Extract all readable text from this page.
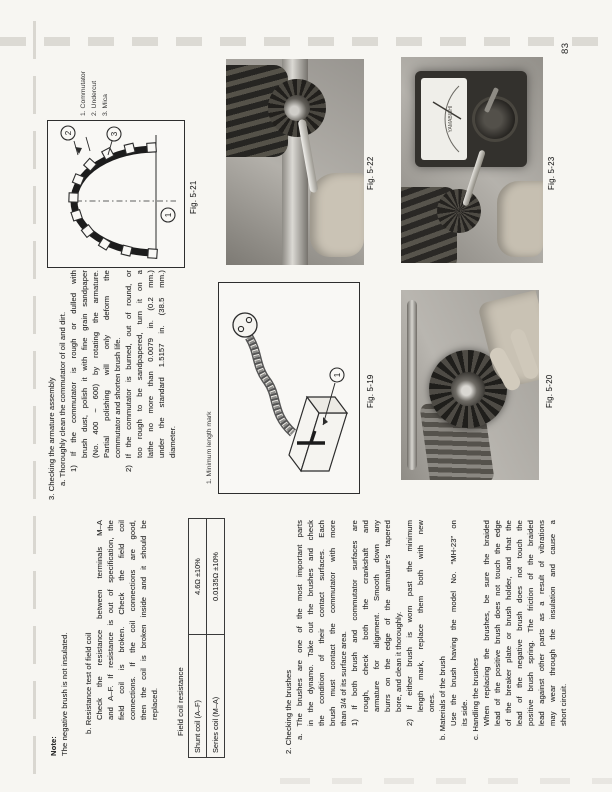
Note: The negative brush is not insulated. b. Resistance test of field coil Check the resistance between terminals M–A and A–F. If resistance is out of specification, the field coil is broken. Check the field coil connections. If the coil connections are good, then the coil is broken inside and it should be replaced. Field coil resistance Shunt coil (A–F)	4.6Ω ±10%
Series coil (M–A)	0.0135Ω ±10%
2. Checking the brushes a. The brushes are one of the most important parts in the dynamo. Take out the brushes and check the condition of their contact surfaces. Each brush must contact the commutator with more than 3/4 of its surface area. 1) If both brush and commutator surfaces are rough, check both the crankshaft and armature for alignment. Smooth down any burrs on the edge of the armature's tapered bore, and clean it thoroughly. 2) If either brush is worn past the minimum length mark, replace them both with new ones. b. Materials of the brush Use the brush having the model No. “MH-23” on its side. c. Handling the brushes When replacing the brushes, be sure the braided lead of the positive brush does not touch the edge of the breaker plate or brush holder, and that the lead of the negative brush does not touch the positive brush spring. The friction of the braided lead against other parts as a result of vibrations may wear through the insulation and cause a short circuit.
3. Checking the armature assembly a. Thoroughly clean the commutator of oil and dirt. 1) If the commutator is rough or dulled with brush dust, polish it with fine grain sandpaper (No. 400 ~ 600) by rotating the armature. Partial polishing will only deform the commutator and shorten brush life. 2) If the commutator is burned, out of round, or too rough to be sandpapered, turn it on a lathe no more than 0.0079 in. (0.2 mm.) under the standard 1.5157 in. (38.5 mm.) diameter.	1. Minimum length mark
1	Fig. 5-19	Fig. 5-20
1
2	3
1. Commutator 2. Undercut 3. Mica
Fig. 5-21
Fig. 5-22
YAMABISHI
Fig. 5-23
83
